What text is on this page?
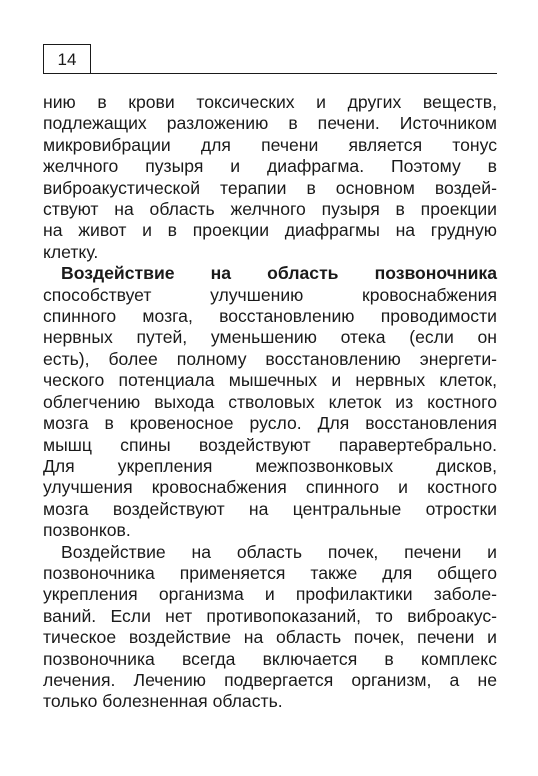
14
нию в крови токсических и других веществ,
подлежащих разложению в печени. Источником
микровибрации для печени является тонус
желчного пузыря и диафрагма. Поэтому в
виброакустической терапии в основном воздей-
ствуют на область желчного пузыря в проекции
на живот и в проекции диафрагмы на грудную
клетку.
Воздействие на область позвоночника
способствует улучшению кровоснабжения
спинного мозга, восстановлению проводимости
нервных путей, уменьшению отека (если он
есть), более полному восстановлению энергети-
ческого потенциала мышечных и нервных клеток,
облегчению выхода стволовых клеток из костного
мозга в кровеносное русло. Для восстановления
мышц спины воздействуют паравертебрально.
Для укрепления межпозвонковых дисков,
улучшения кровоснабжения спинного и костного
мозга воздействуют на центральные отростки
позвонков.
Воздействие на область почек, печени и
позвоночника применяется также для общего
укрепления организма и профилактики заболе-
ваний. Если нет противопоказаний, то виброакус-
тическое воздействие на область почек, печени и
позвоночника всегда включается в комплекс
лечения. Лечению подвергается организм, а не
только болезненная область.
